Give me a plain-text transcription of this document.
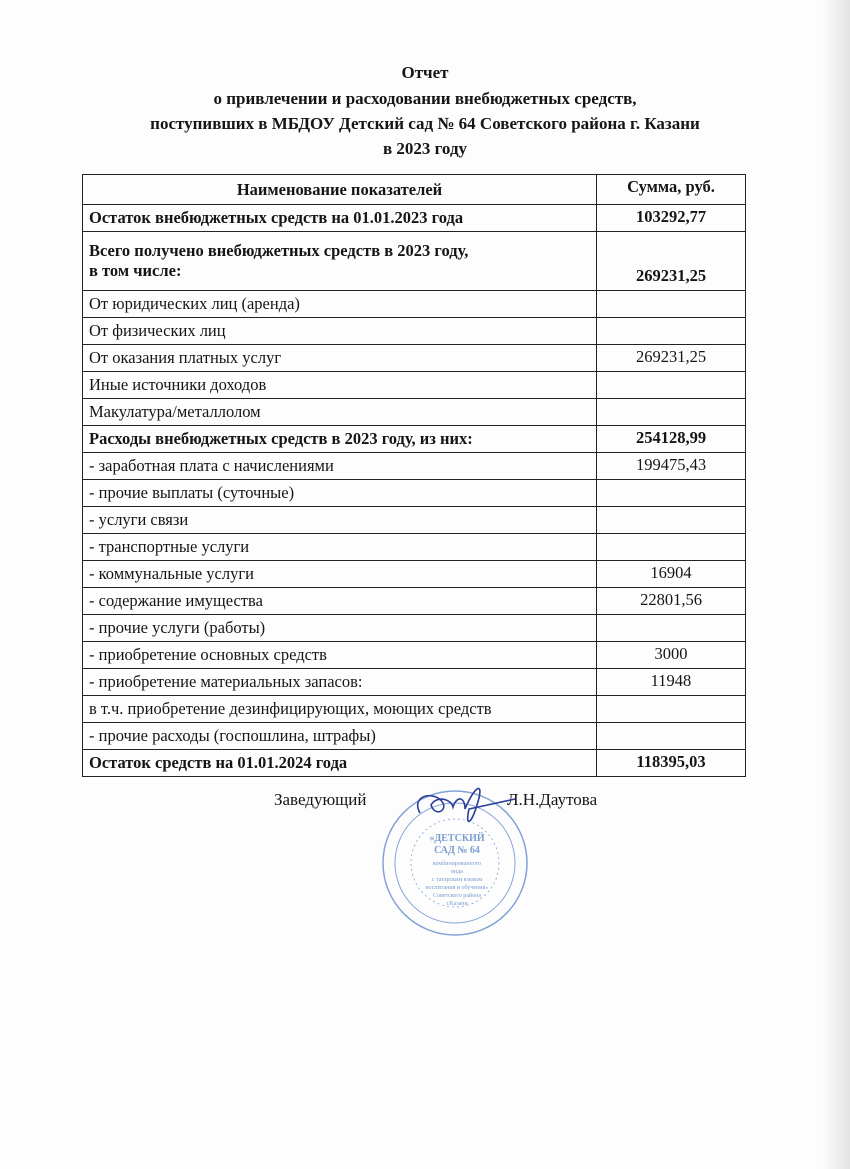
Отчет
о привлечении и расходовании внебюджетных средств,
поступивших в МБДОУ Детский сад № 64 Советского района г. Казани
в 2023 году
Наименование показателей	Сумма, руб.
Остаток внебюджетных средств на 01.01.2023 года	103292,77
Всего получено внебюджетных средств в 2023 году,
в том числе:	269231,25
От юридических лиц (аренда)	
От физических лиц	
От оказания платных услуг	269231,25
Иные источники доходов	
Макулатура/металлолом	
Расходы внебюджетных средств в 2023 году, из них:	254128,99
- заработная плата с начислениями	199475,43
- прочие выплаты (суточные)	
- услуги связи	
- транспортные услуги	
- коммунальные услуги	16904
- содержание имущества	22801,56
- прочие услуги (работы)	
- приобретение основных средств	3000
- приобретение материальных запасов:	11948
в т.ч. приобретение дезинфицирующих, моющих средств	
- прочие расходы (госпошлина, штрафы)	
Остаток средств на 01.01.2024 года	118395,03
Заведующий	Л.Н.Даутова
«ДЕТСКИЙ
САД № 64
комбинированного
вида
с татарским языком
воспитания и обучения»
Советского района
г.Казани
